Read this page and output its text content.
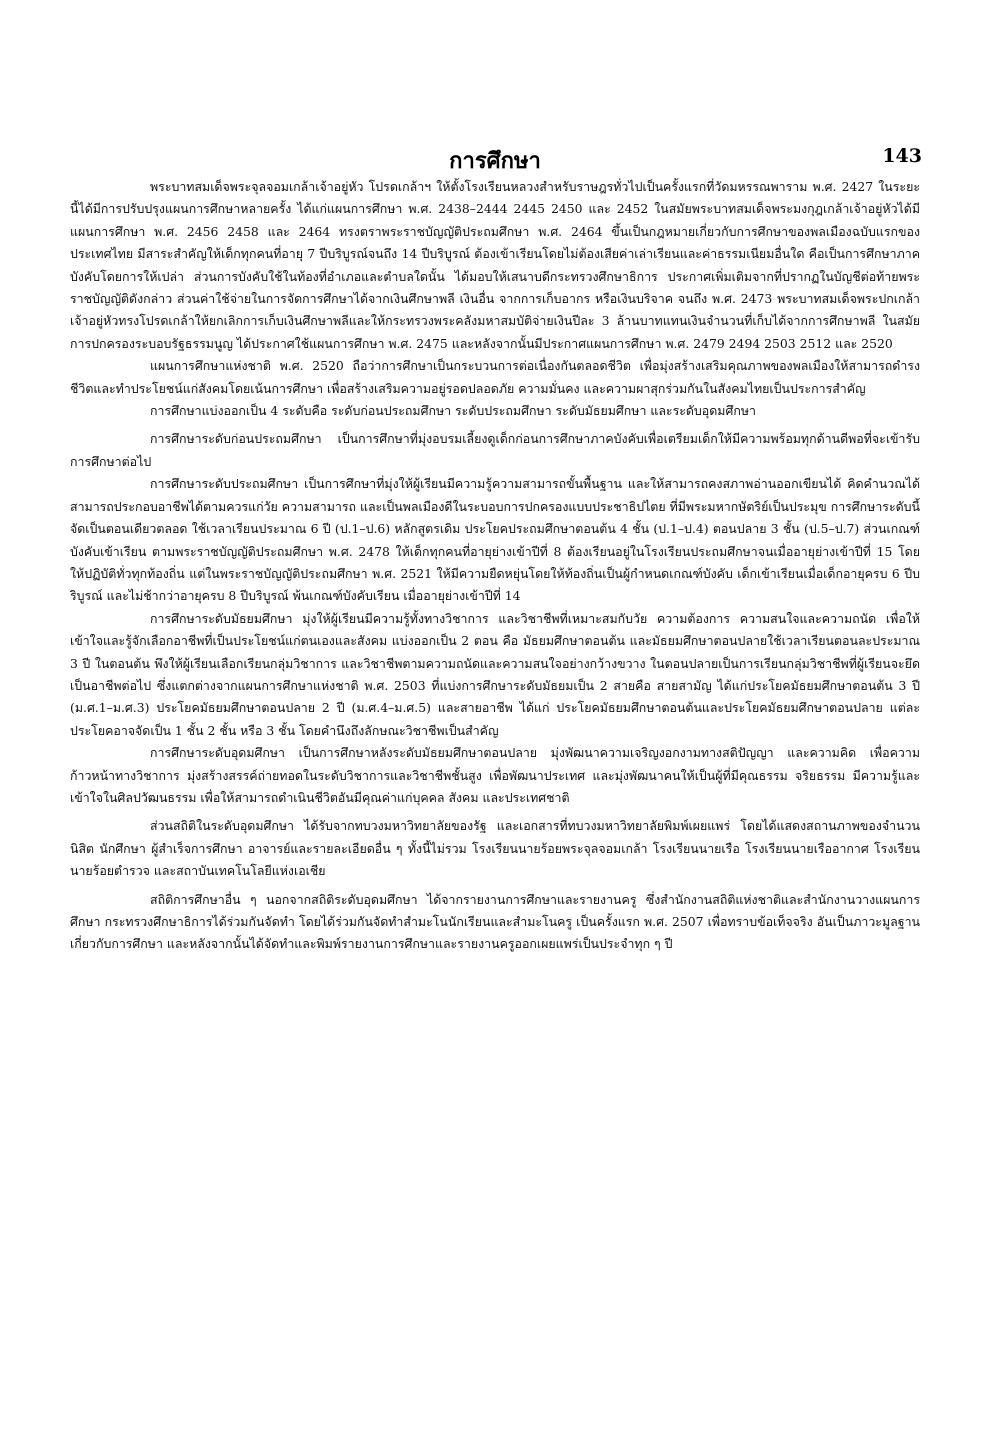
การศึกษา	143

พระบาทสมเด็จพระจุลจอมเกล้าเจ้าอยู่หัว โปรดเกล้าฯ ให้ตั้งโรงเรียนหลวงสำหรับราษฎรทั่วไปเป็นครั้งแรกที่วัดมหรรณพาราม พ.ศ. 2427 ในระยะนี้ได้มีการปรับปรุงแผนการศึกษาหลายครั้ง ได้แก่แผนการศึกษา พ.ศ. 2438–2444 2445 2450 และ 2452 ในสมัยพระบาทสมเด็จพระมงกุฎเกล้าเจ้าอยู่หัวได้มีแผนการศึกษา พ.ศ. 2456 2458 และ 2464 ทรงตราพระราชบัญญัติประถมศึกษา พ.ศ. 2464 ขึ้นเป็นกฎหมายเกี่ยวกับการศึกษาของพลเมืองฉบับแรกของประเทศไทย มีสาระสำคัญให้เด็กทุกคนที่อายุ 7 ปีบริบูรณ์จนถึง 14 ปีบริบูรณ์ ต้องเข้าเรียนโดยไม่ต้องเสียค่าเล่าเรียนและค่าธรรมเนียมอื่นใด คือเป็นการศึกษาภาคบังคับโดยการให้เปล่า ส่วนการบังคับใช้ในท้องที่อำเภอและตำบลใดนั้น ได้มอบให้เสนาบดีกระทรวงศึกษาธิการ ประกาศเพิ่มเติมจากที่ปรากฏในบัญชีต่อท้ายพระราชบัญญัติดังกล่าว ส่วนค่าใช้จ่ายในการจัดการศึกษาได้จากเงินศึกษาพลี เงินอื่น จากการเก็บอากร หรือเงินบริจาค จนถึง พ.ศ. 2473 พระบาทสมเด็จพระปกเกล้าเจ้าอยู่หัวทรงโปรดเกล้าให้ยกเลิกการเก็บเงินศึกษาพลีและให้กระทรวงพระคลังมหาสมบัติจ่ายเงินปีละ 3 ล้านบาทแทนเงินจำนวนที่เก็บได้จากการศึกษาพลี ในสมัยการปกครองระบอบรัฐธรรมนูญ ได้ประกาศใช้แผนการศึกษา พ.ศ. 2475 และหลังจากนั้นมีประกาศแผนการศึกษา พ.ศ. 2479 2494 2503 2512 และ 2520

แผนการศึกษาแห่งชาติ พ.ศ. 2520 ถือว่าการศึกษาเป็นกระบวนการต่อเนื่องกันตลอดชีวิต เพื่อมุ่งสร้างเสริมคุณภาพของพลเมืองให้สามารถดำรงชีวิตและทำประโยชน์แก่สังคมโดยเน้นการศึกษา เพื่อสร้างเสริมความอยู่รอดปลอดภัย ความมั่นคง และความผาสุกร่วมกันในสังคมไทยเป็นประการสำคัญ

การศึกษาแบ่งออกเป็น 4 ระดับคือ ระดับก่อนประถมศึกษา ระดับประถมศึกษา ระดับมัธยมศึกษา และระดับอุดมศึกษา

การศึกษาระดับก่อนประถมศึกษา เป็นการศึกษาที่มุ่งอบรมเลี้ยงดูเด็กก่อนการศึกษาภาคบังคับเพื่อเตรียมเด็กให้มีความพร้อมทุกด้านดีพอที่จะเข้ารับการศึกษาต่อไป

การศึกษาระดับประถมศึกษา เป็นการศึกษาที่มุ่งให้ผู้เรียนมีความรู้ความสามารถขั้นพื้นฐาน และให้สามารถคงสภาพอ่านออกเขียนได้ คิดคำนวณได้ สามารถประกอบอาชีพได้ตามควรแก่วัย ความสามารถ และเป็นพลเมืองดีในระบอบการปกครองแบบประชาธิปไตย ที่มีพระมหากษัตริย์เป็นประมุข การศึกษาระดับนี้จัดเป็นตอนเดียวตลอด ใช้เวลาเรียนประมาณ 6 ปี (ป.1–ป.6) หลักสูตรเดิม ประโยคประถมศึกษาตอนต้น 4 ชั้น (ป.1–ป.4) ตอนปลาย 3 ชั้น (ป.5–ป.7) ส่วนเกณฑ์บังคับเข้าเรียน ตามพระราชบัญญัติประถมศึกษา พ.ศ. 2478 ให้เด็กทุกคนที่อายุย่างเข้าปีที่ 8 ต้องเรียนอยู่ในโรงเรียนประถมศึกษาจนเมื่ออายุย่างเข้าปีที่ 15 โดยให้ปฏิบัติทั่วทุกท้องถิ่น แต่ในพระราชบัญญัติประถมศึกษา พ.ศ. 2521 ให้มีความยืดหยุ่นโดยให้ท้องถิ่นเป็นผู้กำหนดเกณฑ์บังคับ เด็กเข้าเรียนเมื่อเด็กอายุครบ 6 ปีบริบูรณ์ และไม่ช้ากว่าอายุครบ 8 ปีบริบูรณ์ พ้นเกณฑ์บังคับเรียน เมื่ออายุย่างเข้าปีที่ 14

การศึกษาระดับมัธยมศึกษา มุ่งให้ผู้เรียนมีความรู้ทั้งทางวิชาการ และวิชาชีพที่เหมาะสมกับวัย ความต้องการ ความสนใจและความถนัด เพื่อให้เข้าใจและรู้จักเลือกอาชีพที่เป็นประโยชน์แก่ตนเองและสังคม แบ่งออกเป็น 2 ตอน คือ มัธยมศึกษาตอนต้น และมัธยมศึกษาตอนปลายใช้เวลาเรียนตอนละประมาณ 3 ปี ในตอนต้น พึงให้ผู้เรียนเลือกเรียนกลุ่มวิชาการ และวิชาชีพตามความถนัดและความสนใจอย่างกว้างขวาง ในตอนปลายเป็นการเรียนกลุ่มวิชาชีพที่ผู้เรียนจะยึดเป็นอาชีพต่อไป ซึ่งแตกต่างจากแผนการศึกษาแห่งชาติ พ.ศ. 2503 ที่แบ่งการศึกษาระดับมัธยมเป็น 2 สายคือ สายสามัญ ได้แก่ประโยคมัธยมศึกษาตอนต้น 3 ปี (ม.ศ.1–ม.ศ.3) ประโยคมัธยมศึกษาตอนปลาย 2 ปี (ม.ศ.4–ม.ศ.5) และสายอาชีพ ได้แก่ ประโยคมัธยมศึกษาตอนต้นและประโยคมัธยมศึกษาตอนปลาย แต่ละประโยคอาจจัดเป็น 1 ชั้น 2 ชั้น หรือ 3 ชั้น โดยคำนึงถึงลักษณะวิชาชีพเป็นสำคัญ

การศึกษาระดับอุดมศึกษา เป็นการศึกษาหลังระดับมัธยมศึกษาตอนปลาย มุ่งพัฒนาความเจริญงอกงามทางสติปัญญา และความคิด เพื่อความก้าวหน้าทางวิชาการ มุ่งสร้างสรรค์ถ่ายทอดในระดับวิชาการและวิชาชีพชั้นสูง เพื่อพัฒนาประเทศ และมุ่งพัฒนาคนให้เป็นผู้ที่มีคุณธรรม จริยธรรม มีความรู้และเข้าใจในศิลปวัฒนธรรม เพื่อให้สามารถดำเนินชีวิตอันมีคุณค่าแก่บุคคล สังคม และประเทศชาติ

ส่วนสถิติในระดับอุดมศึกษา ได้รับจากทบวงมหาวิทยาลัยของรัฐ และเอกสารที่ทบวงมหาวิทยาลัยพิมพ์เผยแพร่ โดยได้แสดงสถานภาพของจำนวนนิสิต นักศึกษา ผู้สำเร็จการศึกษา อาจารย์และรายละเอียดอื่น ๆ ทั้งนี้ไม่รวม โรงเรียนนายร้อยพระจุลจอมเกล้า โรงเรียนนายเรือ โรงเรียนนายเรืออากาศ โรงเรียนนายร้อยตำรวจ และสถาบันเทคโนโลยีแห่งเอเชีย

สถิติการศึกษาอื่น ๆ นอกจากสถิติระดับอุดมศึกษา ได้จากรายงานการศึกษาและรายงานครู ซึ่งสำนักงานสถิติแห่งชาติและสำนักงานวางแผนการศึกษา กระทรวงศึกษาธิการได้ร่วมกันจัดทำ โดยได้ร่วมกันจัดทำสำมะโนนักเรียนและสำมะโนครู เป็นครั้งแรก พ.ศ. 2507 เพื่อทราบข้อเท็จจริง อันเป็นภาวะมูลฐานเกี่ยวกับการศึกษา และหลังจากนั้นได้จัดทำและพิมพ์รายงานการศึกษาและรายงานครูออกเผยแพร่เป็นประจำทุก ๆ ปี
